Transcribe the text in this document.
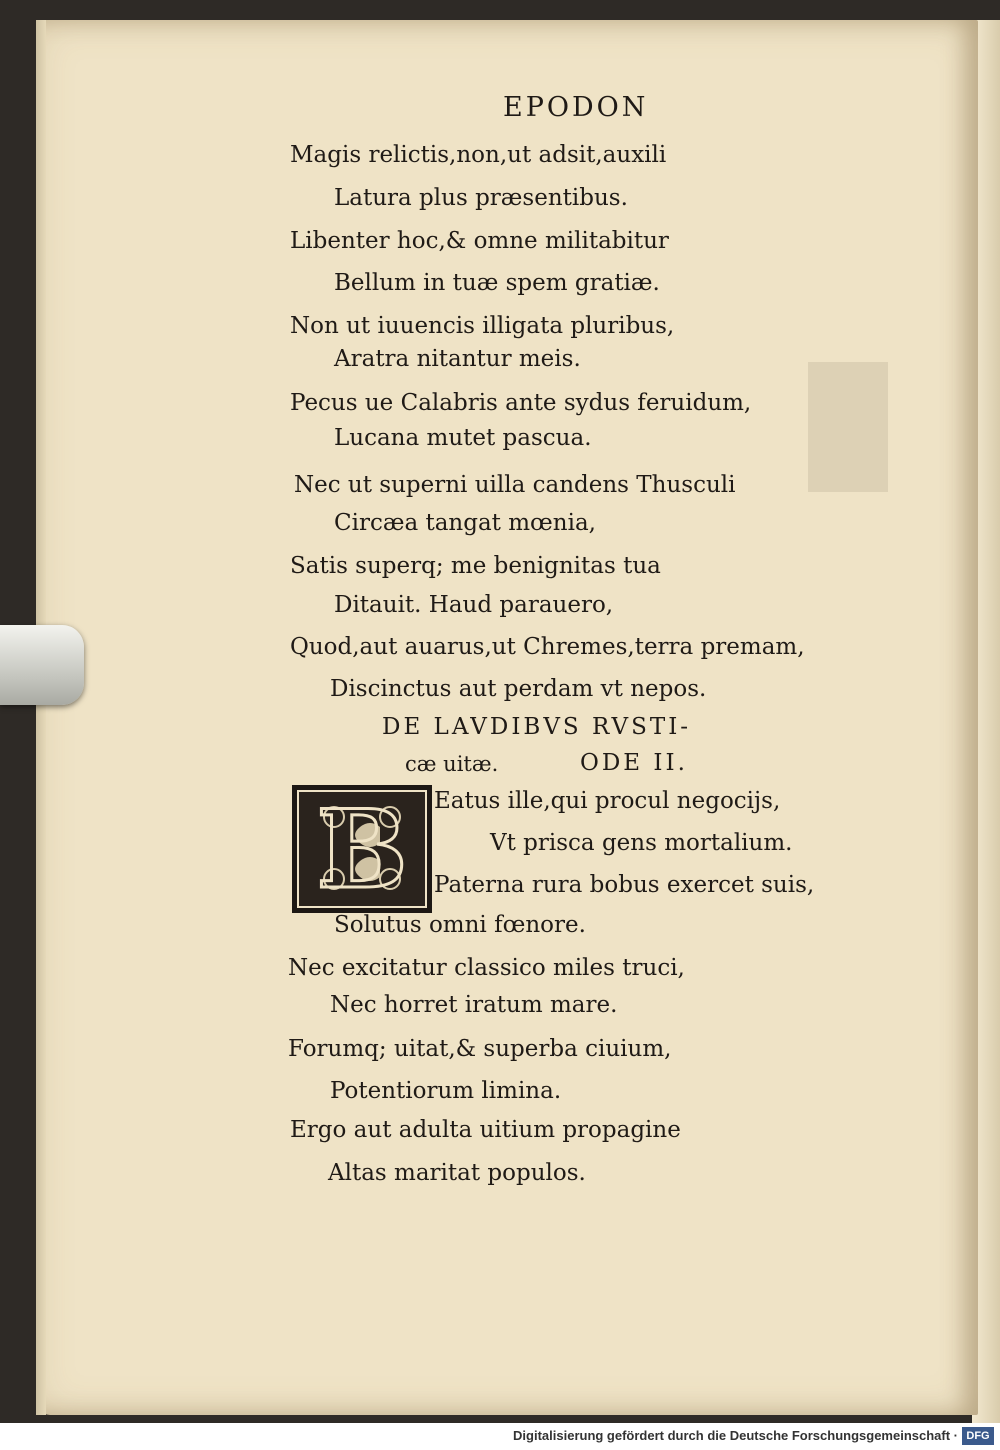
EPODON
Magis relictis,non,ut adsit,auxili
Latura plus præsentibus.
Libenter hoc,& omne militabitur
Bellum in tuæ spem gratiæ.
Non ut iuuencis illigata pluribus,
Aratra nitantur meis.
Pecus ue Calabris ante sydus feruidum,
Lucana mutet pascua.
Nec ut superni uilla candens Thusculi
Circæa tangat mœnia,
Satis superq; me benignitas tua
Ditauit. Haud parauero,
Quod,aut auarus,ut Chremes,terra premam,
Discinctus aut perdam vt nepos.
DE LAVDIBVS RVSTI-
cæ uitæ.	ODE II.
B Eatus ille,qui procul negocijs,
Vt prisca gens mortalium.
Paterna rura bobus exercet suis,
Solutus omni fœnore.
Nec excitatur classico miles truci,
Nec horret iratum mare.
Forumq; uitat,& superba ciuium,
Potentiorum limina.
Ergo aut adulta uitium propagine
Altas maritat populos.
Digitalisierung gefördert durch die Deutsche Forschungsgemeinschaft · DFG
